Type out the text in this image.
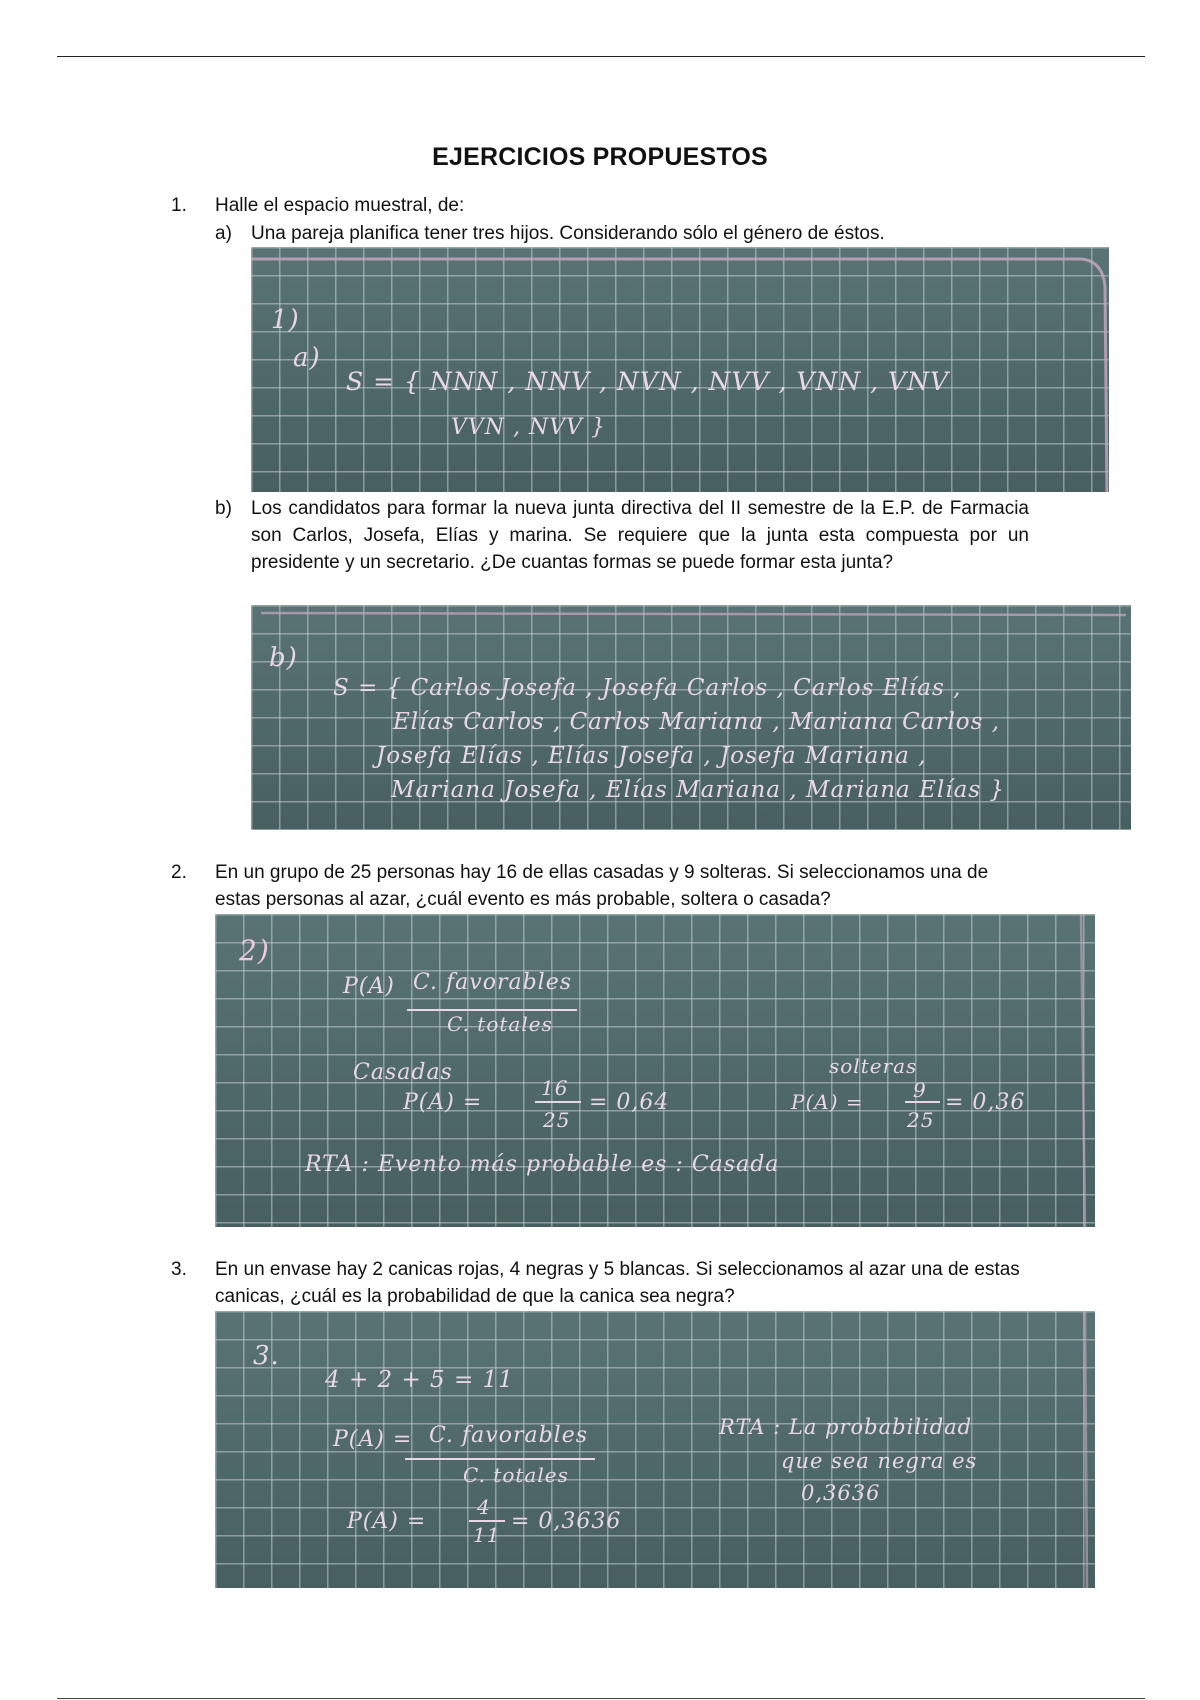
EJERCICIOS PROPUESTOS
1. Halle el espacio muestral, de:
a) Una pareja planifica tener tres hijos. Considerando sólo el género de éstos.
1)
a)
S = { NNN , NNV , NVN , NVV , VNN , VNV
VVN , NVV }
b) Los candidatos para formar la nueva junta directiva del II semestre de la E.P. de Farmacia son Carlos, Josefa, Elías y marina. Se requiere que la junta esta compuesta por un presidente y un secretario. ¿De cuantas formas se puede formar esta junta?
b)
S = { Carlos Josefa , Josefa Carlos , Carlos Elías ,
Elías Carlos , Carlos Mariana , Mariana Carlos ,
Josefa Elías , Elías Josefa , Josefa Mariana ,
Mariana Josefa , Elías Mariana , Mariana Elías }
2. En un grupo de 25 personas hay 16 de ellas casadas y 9 solteras. Si seleccionamos una de estas personas al azar, ¿cuál evento es más probable, soltera o casada?
2)
P(A) C. favorables
C. totales
Casadas
P(A) =
16
25
= 0,64
solteras
P(A) = 9
25
= 0,36
RTA : Evento más probable es : Casada
3. En un envase hay 2 canicas rojas, 4 negras y 5 blancas. Si seleccionamos al azar una de estas canicas, ¿cuál es la probabilidad de que la canica sea negra?
3.
4 + 2 + 5 = 11
P(A) = C. favorables
C. totales
P(A) =
4
11
= 0,3636
RTA : La probabilidad
que sea negra es
0,3636
